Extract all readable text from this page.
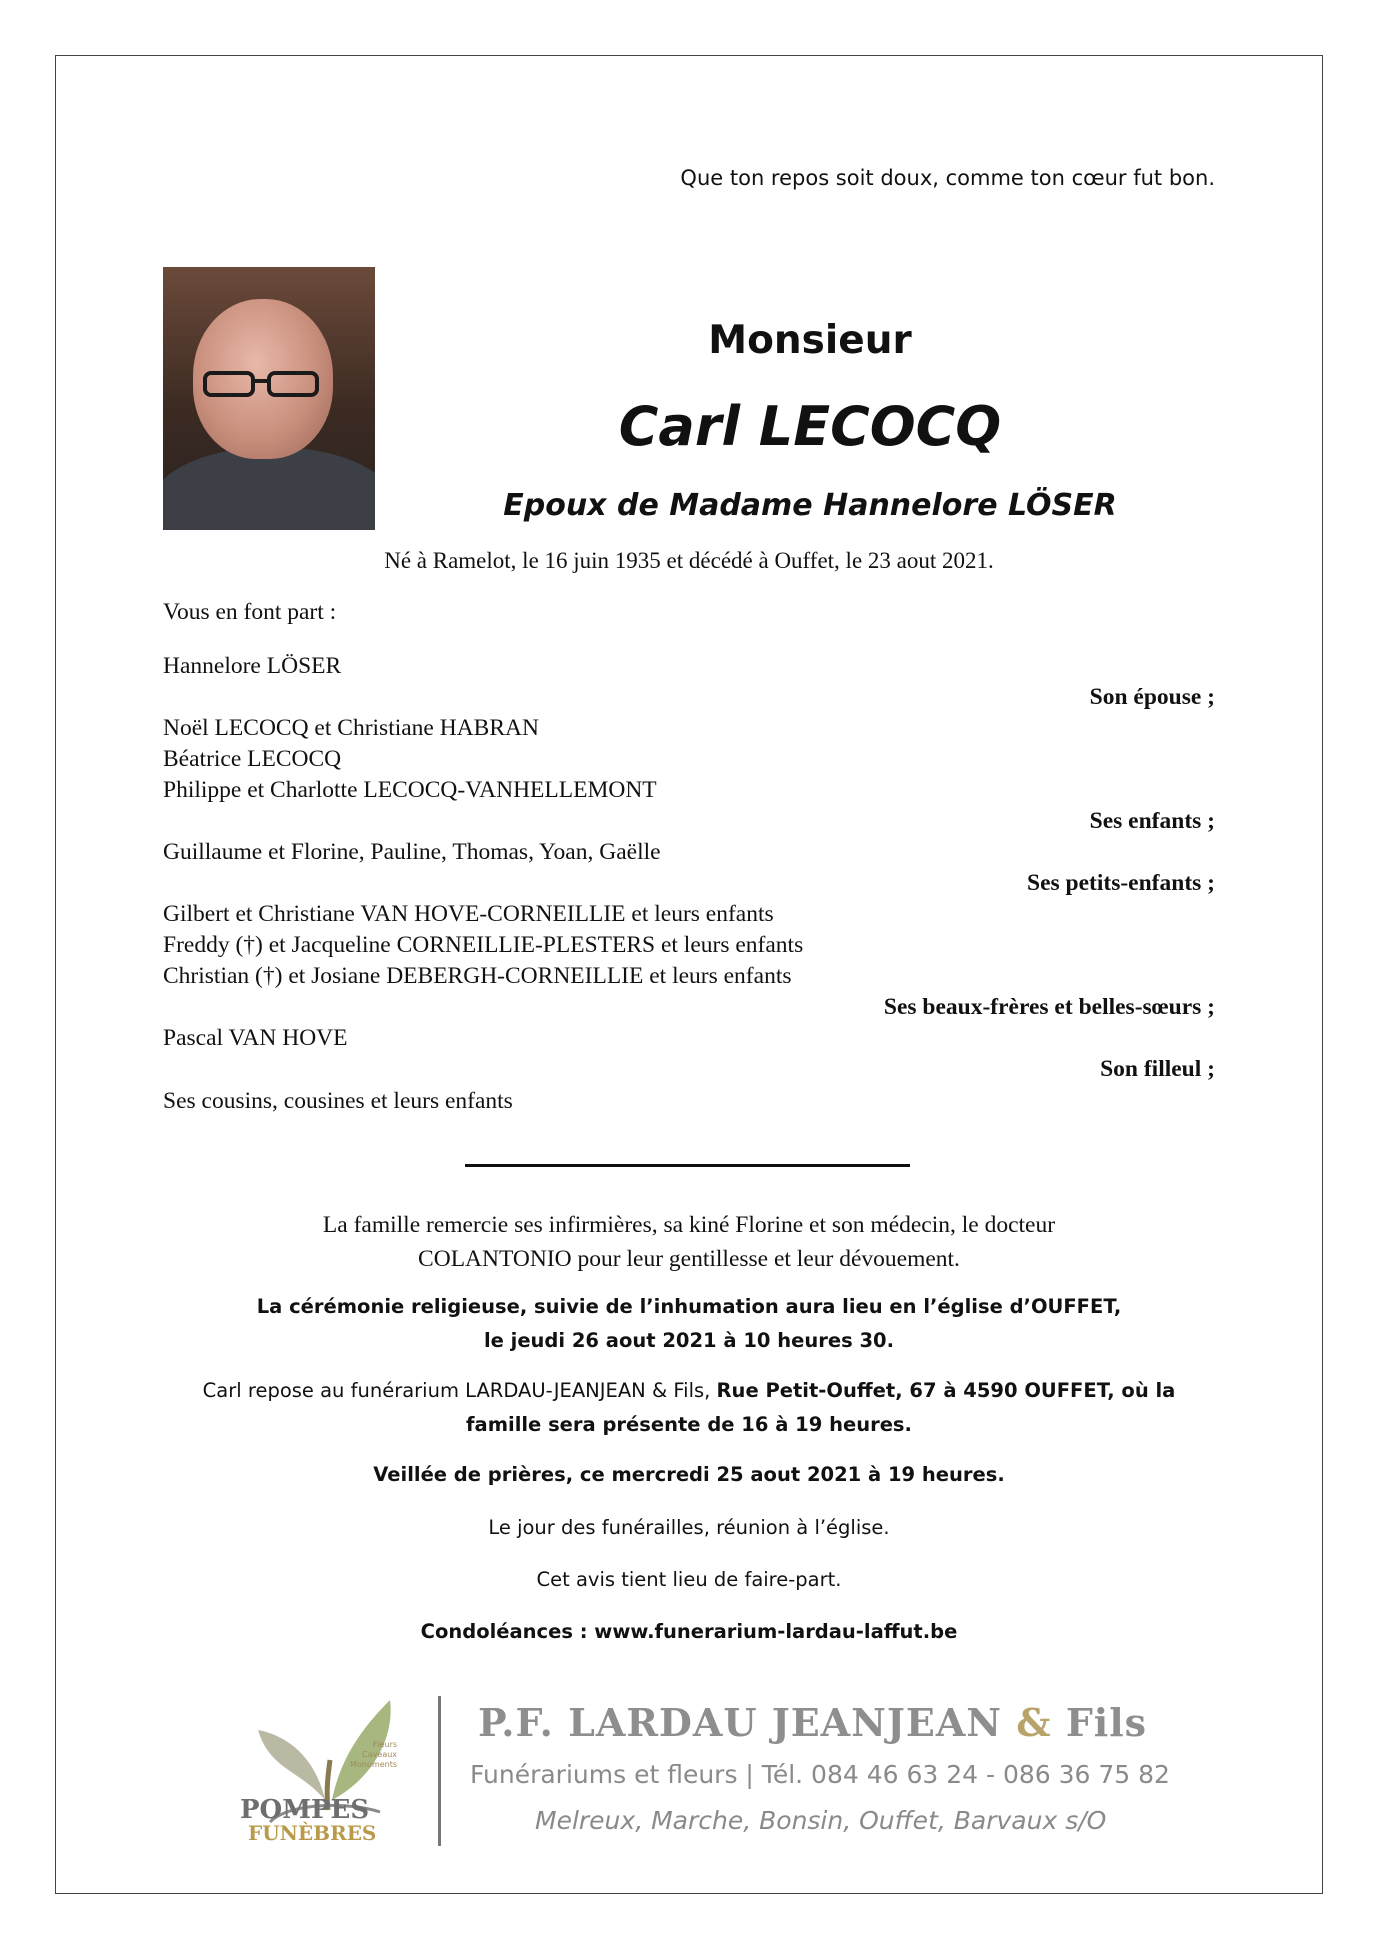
Que ton repos soit doux, comme ton cœur fut bon.
Monsieur
Carl LECOCQ
Epoux de Madame Hannelore LÖSER
Né à Ramelot, le 16 juin 1935 et décédé à Ouffet, le 23 aout 2021.
Vous en font part :
Hannelore LÖSER
Son épouse ;
Noël LECOCQ et Christiane HABRAN
Béatrice LECOCQ
Philippe et Charlotte LECOCQ-VANHELLEMONT
Ses enfants ;
Guillaume et Florine, Pauline, Thomas, Yoan, Gaëlle
Ses petits-enfants ;
Gilbert et Christiane VAN HOVE-CORNEILLIE et leurs enfants
Freddy (†) et Jacqueline CORNEILLIE-PLESTERS et leurs enfants
Christian (†) et Josiane DEBERGH-CORNEILLIE et leurs enfants
Ses beaux-frères et belles-sœurs ;
Pascal VAN HOVE
Son filleul ;
Ses cousins, cousines et leurs enfants
La famille remercie ses infirmières, sa kiné Florine et son médecin, le docteur
COLANTONIO pour leur gentillesse et leur dévouement.
La cérémonie religieuse, suivie de l’inhumation aura lieu en l’église d’OUFFET,
le jeudi 26 aout 2021 à 10 heures 30.
Carl repose au funérarium LARDAU-JEANJEAN & Fils, Rue Petit-Ouffet, 67 à 4590 OUFFET, où la
famille sera présente de 16 à 19 heures.
Veillée de prières, ce mercredi 25 aout 2021 à 19 heures.
Le jour des funérailles, réunion à l’église.
Cet avis tient lieu de faire-part.
Condoléances : www.funerarium-lardau-laffut.be
POMPES
FUNÈBRES
Fleurs
Caveaux
Monuments
P.F. LARDAU JEANJEAN & Fils
Funérariums et fleurs | Tél. 084 46 63 24 - 086 36 75 82
Melreux, Marche, Bonsin, Ouffet, Barvaux s/O
